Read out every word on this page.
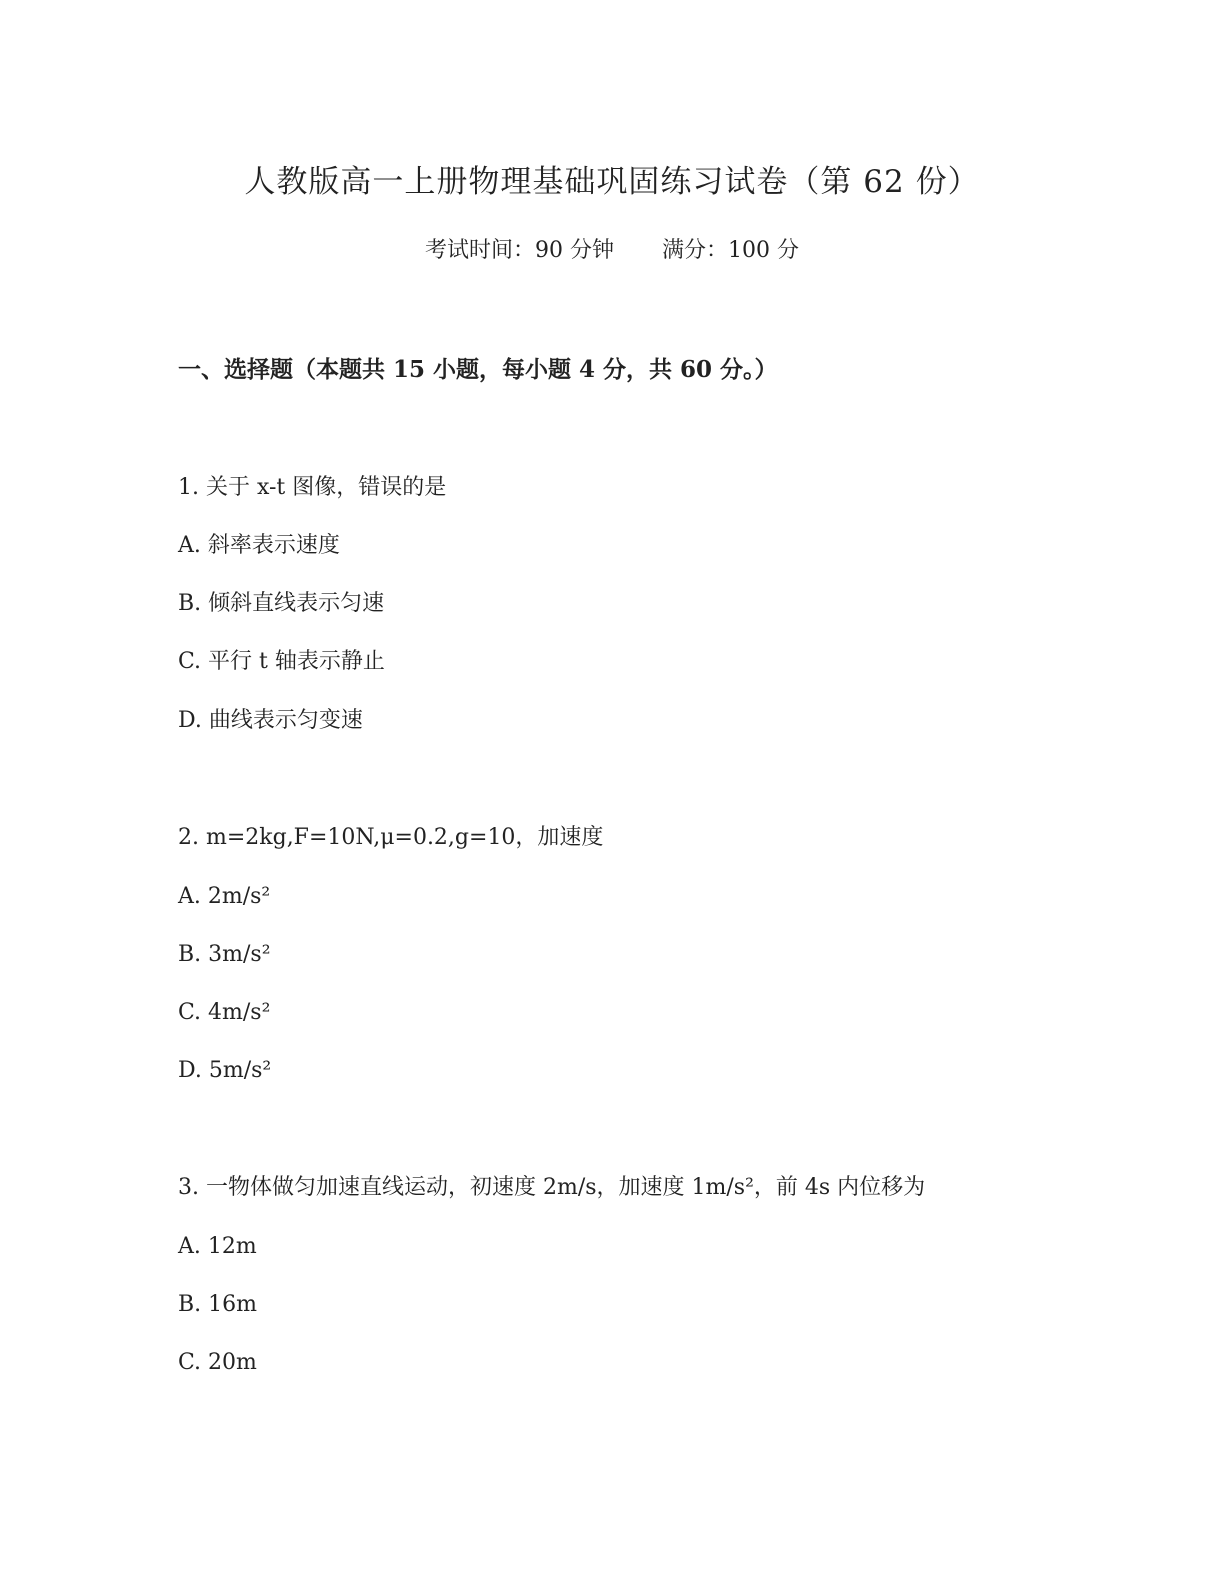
人教版高一上册物理基础巩固练习试卷（第 62 份）
考试时间：90 分钟 满分：100 分
一、选择题（本题共 15 小题，每小题 4 分，共 60 分。）
1. 关于 x-t 图像，错误的是
A. 斜率表示速度
B. 倾斜直线表示匀速
C. 平行 t 轴表示静止
D. 曲线表示匀变速
2. m=2kg,F=10N,μ=0.2,g=10，加速度
A. 2m/s²
B. 3m/s²
C. 4m/s²
D. 5m/s²
3. 一物体做匀加速直线运动，初速度 2m/s，加速度 1m/s²，前 4s 内位移为
A. 12m
B. 16m
C. 20m
